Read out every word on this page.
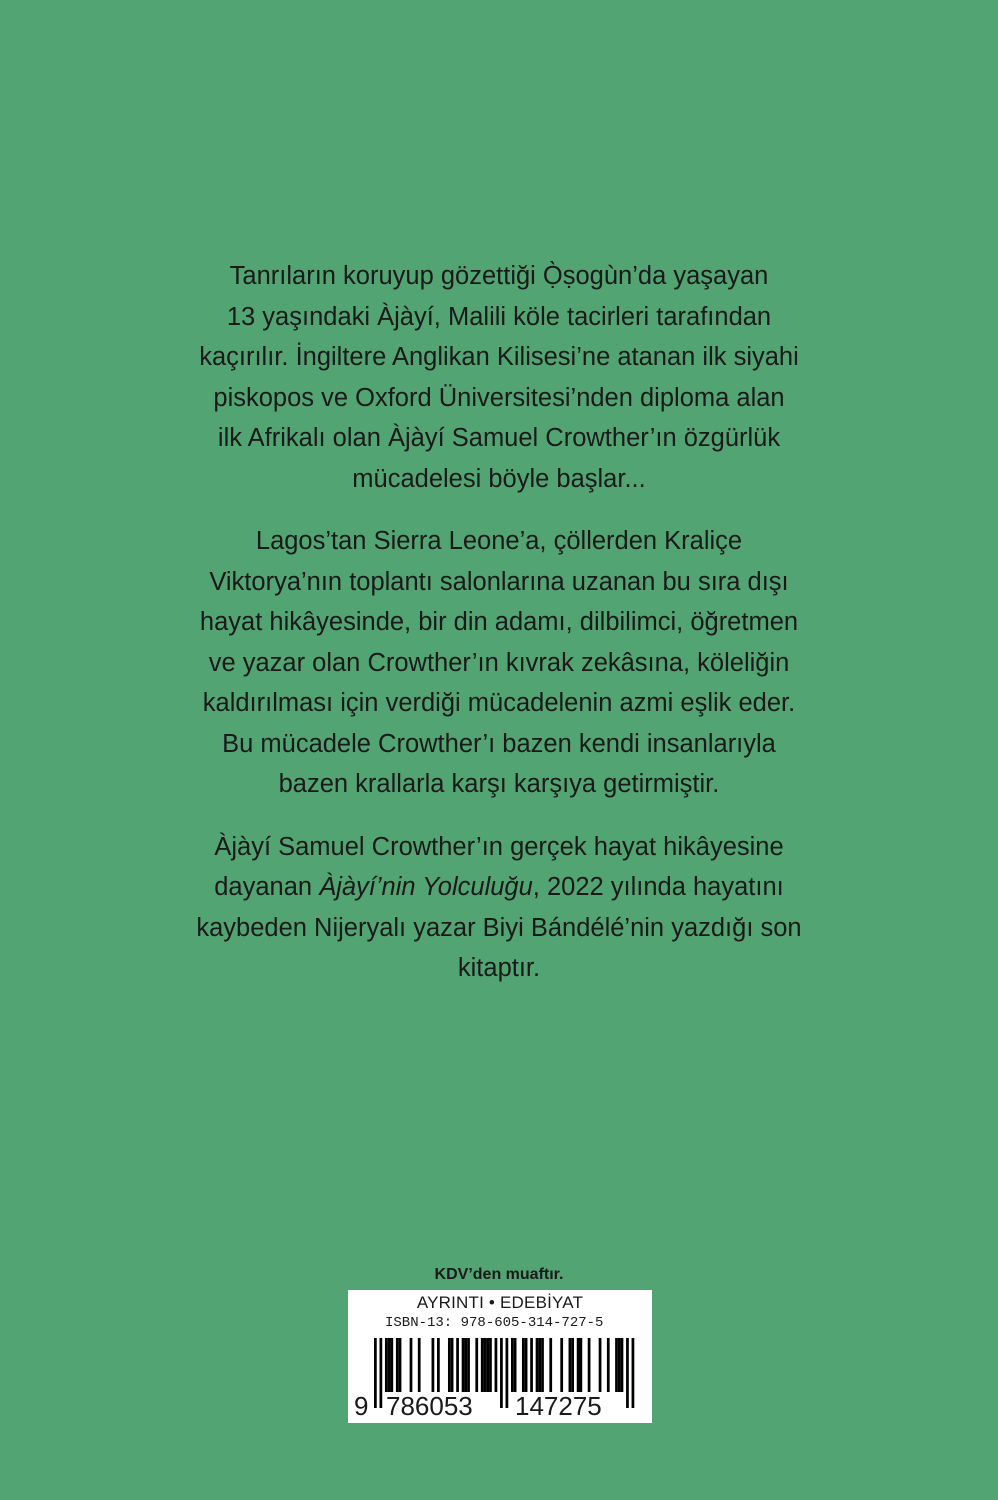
Tanrıların koruyup gözettiği Ọ̀ṣogùn’da yaşayan
13 yaşındaki Àjàyí, Malili köle tacirleri tarafından
kaçırılır. İngiltere Anglikan Kilisesi’ne atanan ilk siyahi
piskopos ve Oxford Üniversitesi’nden diploma alan
ilk Afrikalı olan Àjàyí Samuel Crowther’ın özgürlük
mücadelesi böyle başlar...

Lagos’tan Sierra Leone’a, çöllerden Kraliçe
Viktorya’nın toplantı salonlarına uzanan bu sıra dışı
hayat hikâyesinde, bir din adamı, dilbilimci, öğretmen
ve yazar olan Crowther’ın kıvrak zekâsına, köleliğin
kaldırılması için verdiği mücadelenin azmi eşlik eder.
Bu mücadele Crowther’ı bazen kendi insanlarıyla
bazen krallarla karşı karşıya getirmiştir.

Àjàyí Samuel Crowther’ın gerçek hayat hikâyesine
dayanan Àjàyí’nin Yolculuğu, 2022 yılında hayatını
kaybeden Nijeryalı yazar Biyi Bándélé’nin yazdığı son
kitaptır.

KDV’den muaftır.
AYRINTI • EDEBİYAT
ISBN-13: 978-605-314-727-5
9 786053 147275
